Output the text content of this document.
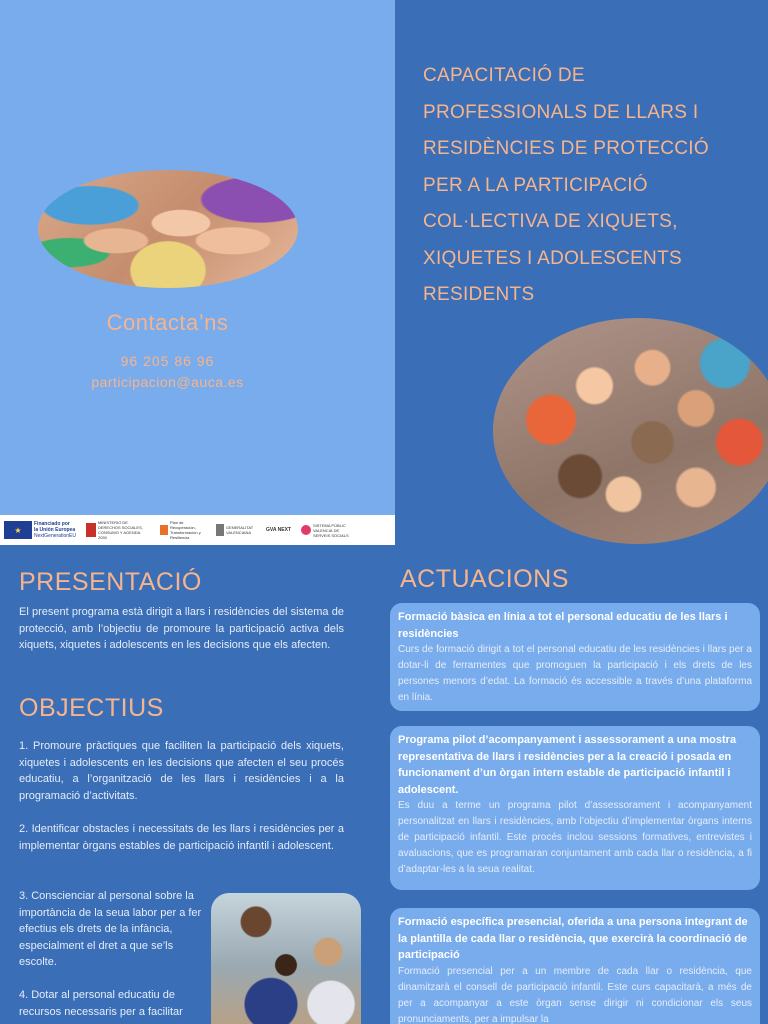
Contacta’ns
96 205 86 96
participacion@auca.es
★
Financiado por
la Unión Europea
NextGenerationEU
MINISTERIO DE DERECHOS SOCIALES, CONSUMO Y AGENDA 2030
Plan de Recuperación, Transformación y Resiliencia
GENERALITAT VALENCIANA	GVA NEXT
SISTEMA PÚBLIC VALENCIÀ DE SERVEIS SOCIALS
CAPACITACIÓ DE PROFESSIONALS DE LLARS I RESIDÈNCIES DE PROTECCIÓ PER A LA PARTICIPACIÓ COL·LECTIVA DE XIQUETS, XIQUETES I ADOLESCENTS RESIDENTS
PRESENTACIÓ
El present programa està dirigit a llars i residències del sistema de protecció, amb l’objectiu de promoure la participació activa dels xiquets, xiquetes i adolescents en les decisions que els afecten.
OBJECTIUS
1. Promoure pràctiques que faciliten la participació dels xiquets, xiquetes i adolescents en les decisions que afecten el seu procés educatiu, a l’organització de les llars i residències i a la programació d’activitats.
2. Identificar obstacles i necessitats de les llars i residències per a implementar òrgans estables de participació infantil i adolescent.
3. Conscienciar al personal sobre la importància de la seua labor per a fer efectius els drets de la infància, especialment el dret a que se’ls escolte.
4. Dotar al personal educatiu de recursos necessaris per a facilitar
ACTUACIONS
Formació bàsica en línia a tot el personal educatiu de les llars i residències
Curs de formació dirigit a tot el personal educatiu de les residències i llars per a dotar-li de ferramentes que promoguen la participació i els drets de les persones menors d’edat. La formació és accessible a través d’una plataforma en línia.
Programa pilot d’acompanyament i assessorament a una mostra representativa de llars i residències per a la creació i posada en funcionament d’un òrgan intern estable de participació infantil i adolescent.
Es duu a terme un programa pilot d’assessorament i acompanyament personalitzat en llars i residències, amb l’objectiu d’implementar òrgans interns de participació infantil. Este procés inclou sessions formatives, entrevistes i avaluacions, que es programaran conjuntament amb cada llar o residència, a fi d’adaptar-les a la seua realitat.
Formació específica presencial, oferida a una persona integrant de la plantilla de cada llar o residència, que exercirà la coordinació de participació
Formació presencial per a un membre de cada llar o residència, que dinamitzarà el consell de participació infantil. Este curs capacitarà, a més de per a acompanyar a este òrgan sense dirigir ni condicionar els seus pronunciaments, per a impulsar la
